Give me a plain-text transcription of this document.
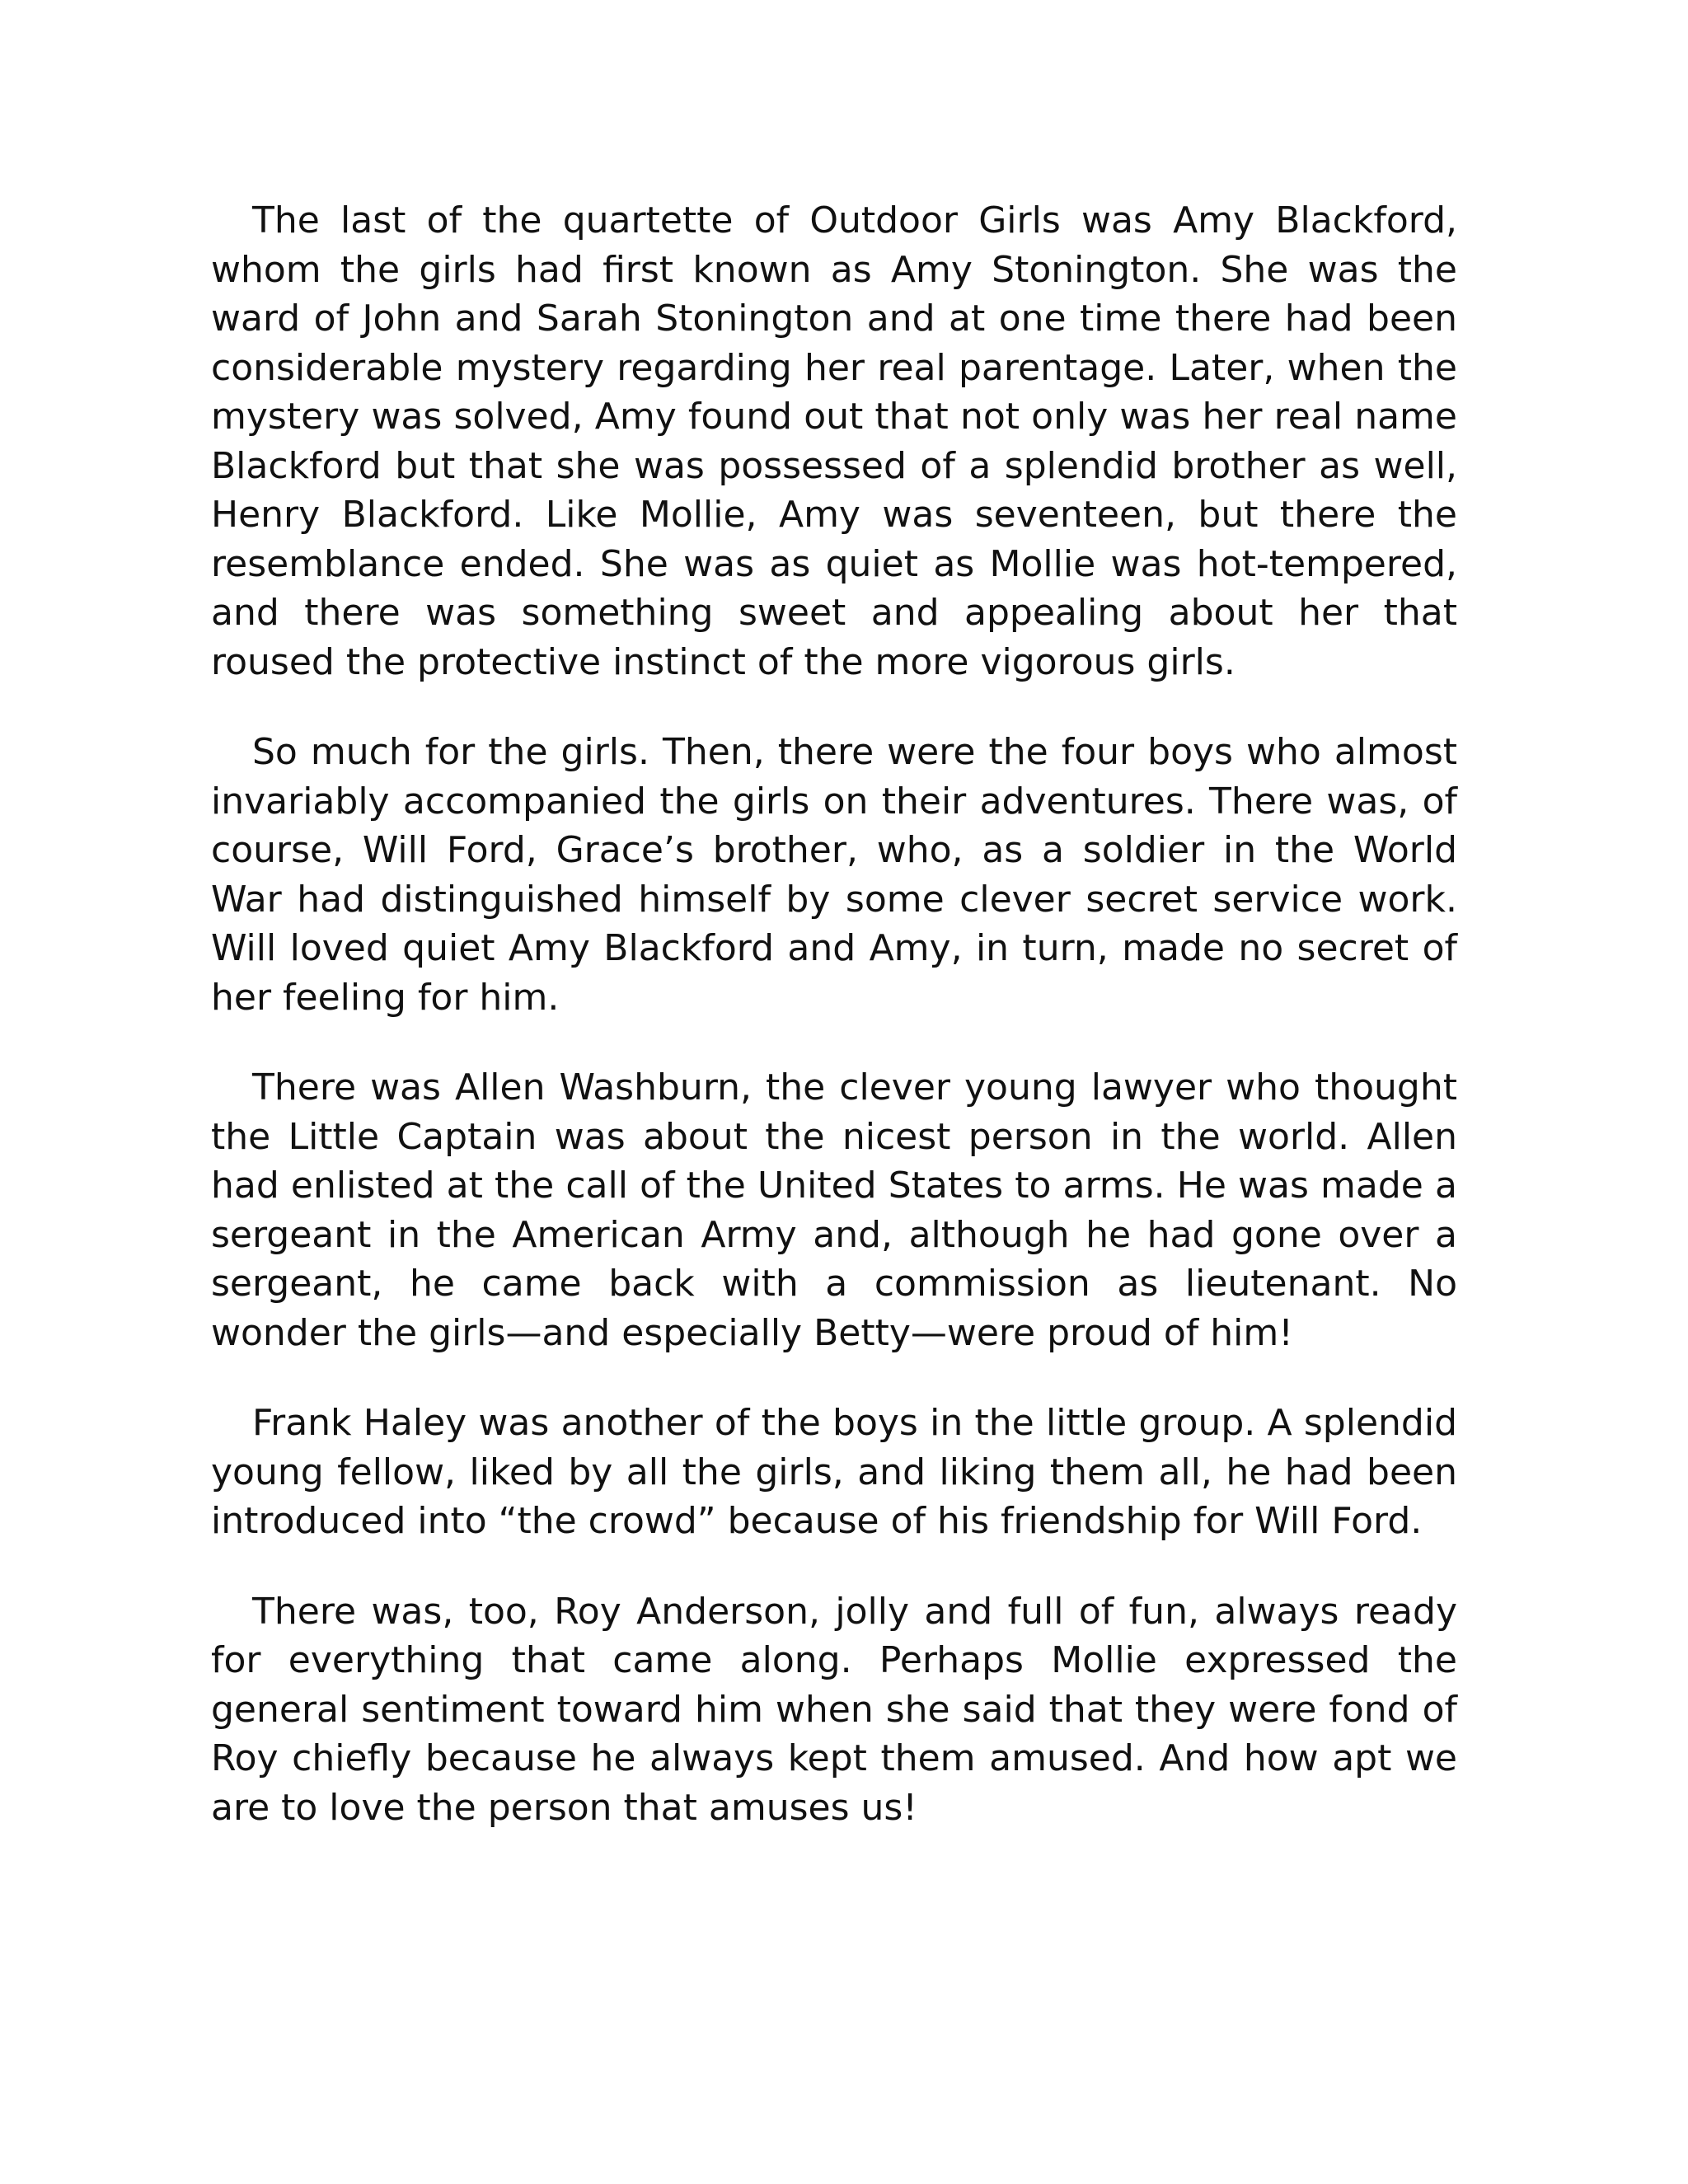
The last of the quartette of Outdoor Girls was Amy Blackford, whom the girls had first known as Amy Stonington. She was the ward of John and Sarah Stonington and at one time there had been considerable mystery regarding her real parentage. Later, when the mystery was solved, Amy found out that not only was her real name Blackford but that she was possessed of a splendid brother as well, Henry Blackford. Like Mollie, Amy was seventeen, but there the resemblance ended. She was as quiet as Mollie was hot-tempered, and there was something sweet and appealing about her that roused the protective instinct of the more vigorous girls.

So much for the girls. Then, there were the four boys who almost invariably accompanied the girls on their adventures. There was, of course, Will Ford, Grace’s brother, who, as a soldier in the World War had distinguished himself by some clever secret service work. Will loved quiet Amy Blackford and Amy, in turn, made no secret of her feeling for him.

There was Allen Washburn, the clever young lawyer who thought the Little Captain was about the nicest person in the world. Allen had enlisted at the call of the United States to arms. He was made a sergeant in the American Army and, although he had gone over a sergeant, he came back with a commission as lieutenant. No wonder the girls—and especially Betty—were proud of him!

Frank Haley was another of the boys in the little group. A splendid young fellow, liked by all the girls, and liking them all, he had been introduced into “the crowd” because of his friendship for Will Ford.

There was, too, Roy Anderson, jolly and full of fun, always ready for everything that came along. Perhaps Mollie expressed the general sentiment toward him when she said that they were fond of Roy chiefly because he always kept them amused. And how apt we are to love the person that amuses us!
